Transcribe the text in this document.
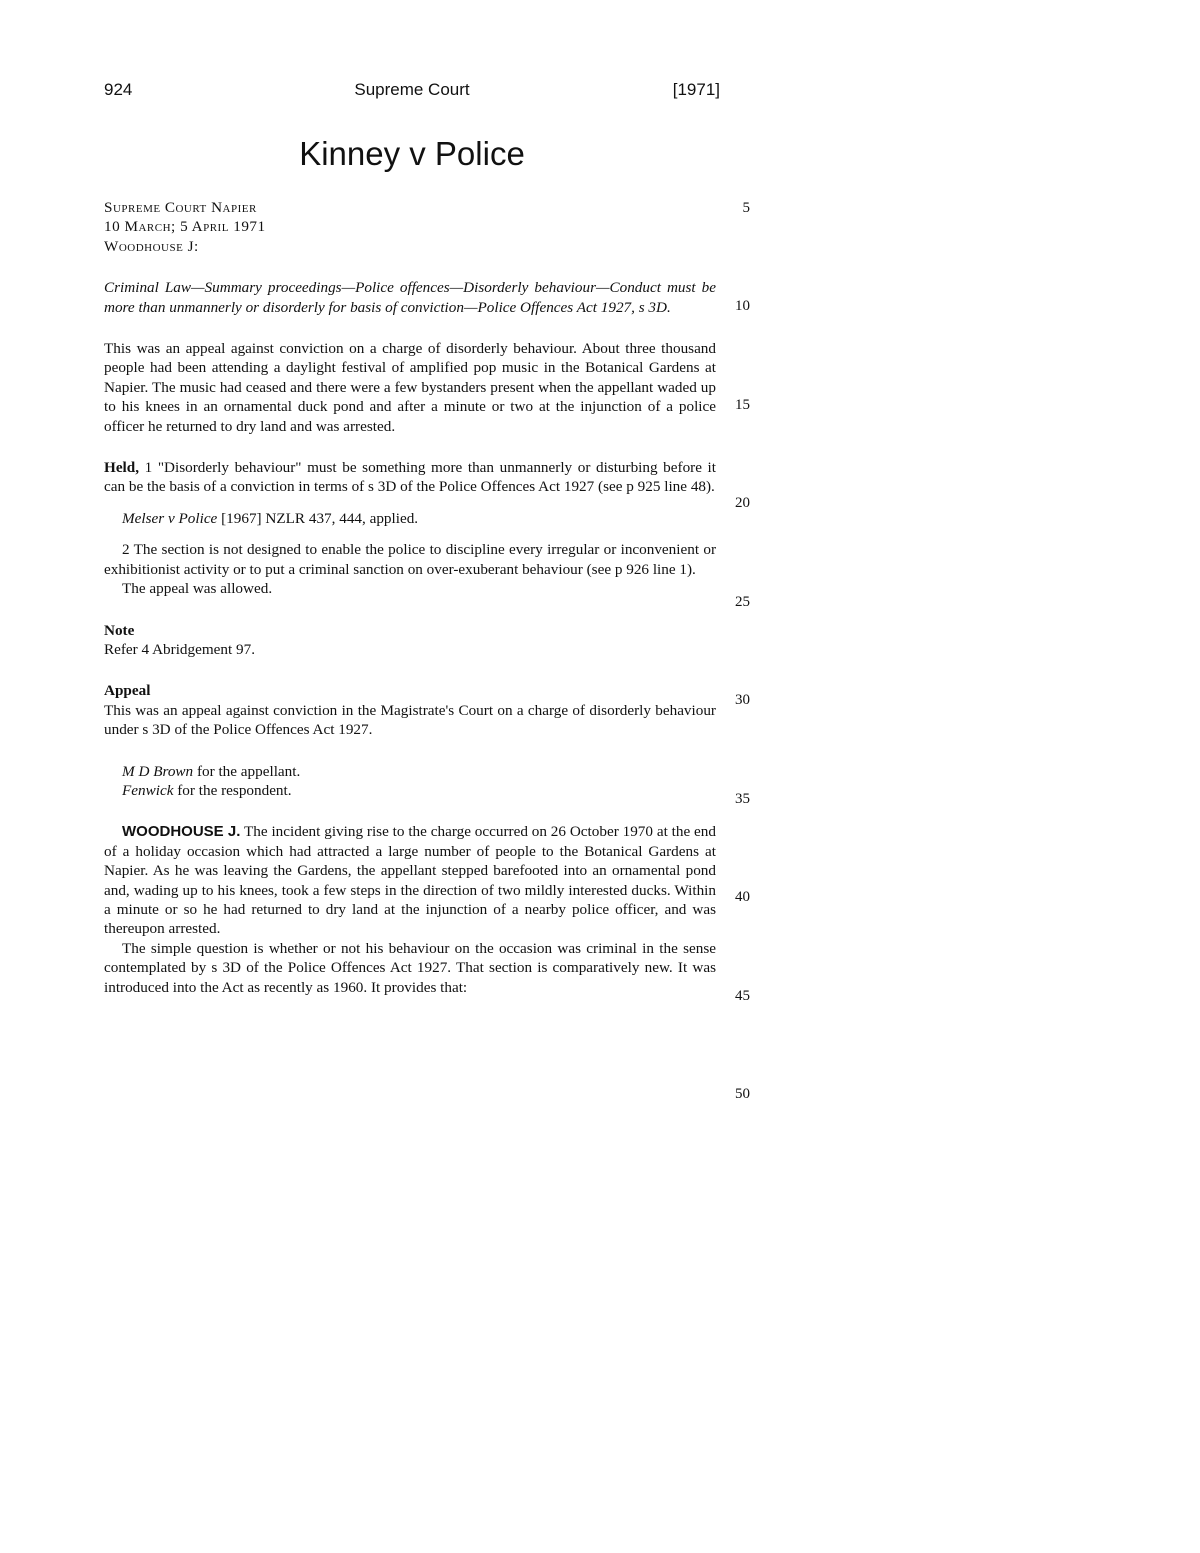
Supreme Court
924	[1971]
Kinney v Police
Supreme Court Napier
10 March; 5 April 1971
Woodhouse J:

Criminal Law—Summary proceedings—Police offences—Disorderly behaviour—Conduct must be more than unmannerly or disorderly for basis of conviction—Police Offences Act 1927, s 3D.

This was an appeal against conviction on a charge of disorderly behaviour. About three thousand people had been attending a daylight festival of amplified pop music in the Botanical Gardens at Napier. The music had ceased and there were a few bystanders present when the appellant waded up to his knees in an ornamental duck pond and after a minute or two at the injunction of a police officer he returned to dry land and was arrested.

Held, 1 "Disorderly behaviour" must be something more than unmannerly or disturbing before it can be the basis of a conviction in terms of s 3D of the Police Offences Act 1927 (see p 925 line 48).

Melser v Police [1967] NZLR 437, 444, applied.

2 The section is not designed to enable the police to discipline every irregular or inconvenient or exhibitionist activity or to put a criminal sanction on over-exuberant behaviour (see p 926 line 1).

The appeal was allowed.

Note

Refer 4 Abridgement 97.

Appeal

This was an appeal against conviction in the Magistrate's Court on a charge of disorderly behaviour under s 3D of the Police Offences Act 1927.

M D Brown for the appellant.

Fenwick for the respondent.

WOODHOUSE J. The incident giving rise to the charge occurred on 26 October 1970 at the end of a holiday occasion which had attracted a large number of people to the Botanical Gardens at Napier. As he was leaving the Gardens, the appellant stepped barefooted into an ornamental pond and, wading up to his knees, took a few steps in the direction of two mildly interested ducks. Within a minute or so he had returned to dry land at the injunction of a nearby police officer, and was thereupon arrested.

The simple question is whether or not his behaviour on the occasion was criminal in the sense contemplated by s 3D of the Police Offences Act 1927. That section is comparatively new. It was introduced into the Act as recently as 1960. It provides that:

5
10
15
20
25
30
35
40
45
50
